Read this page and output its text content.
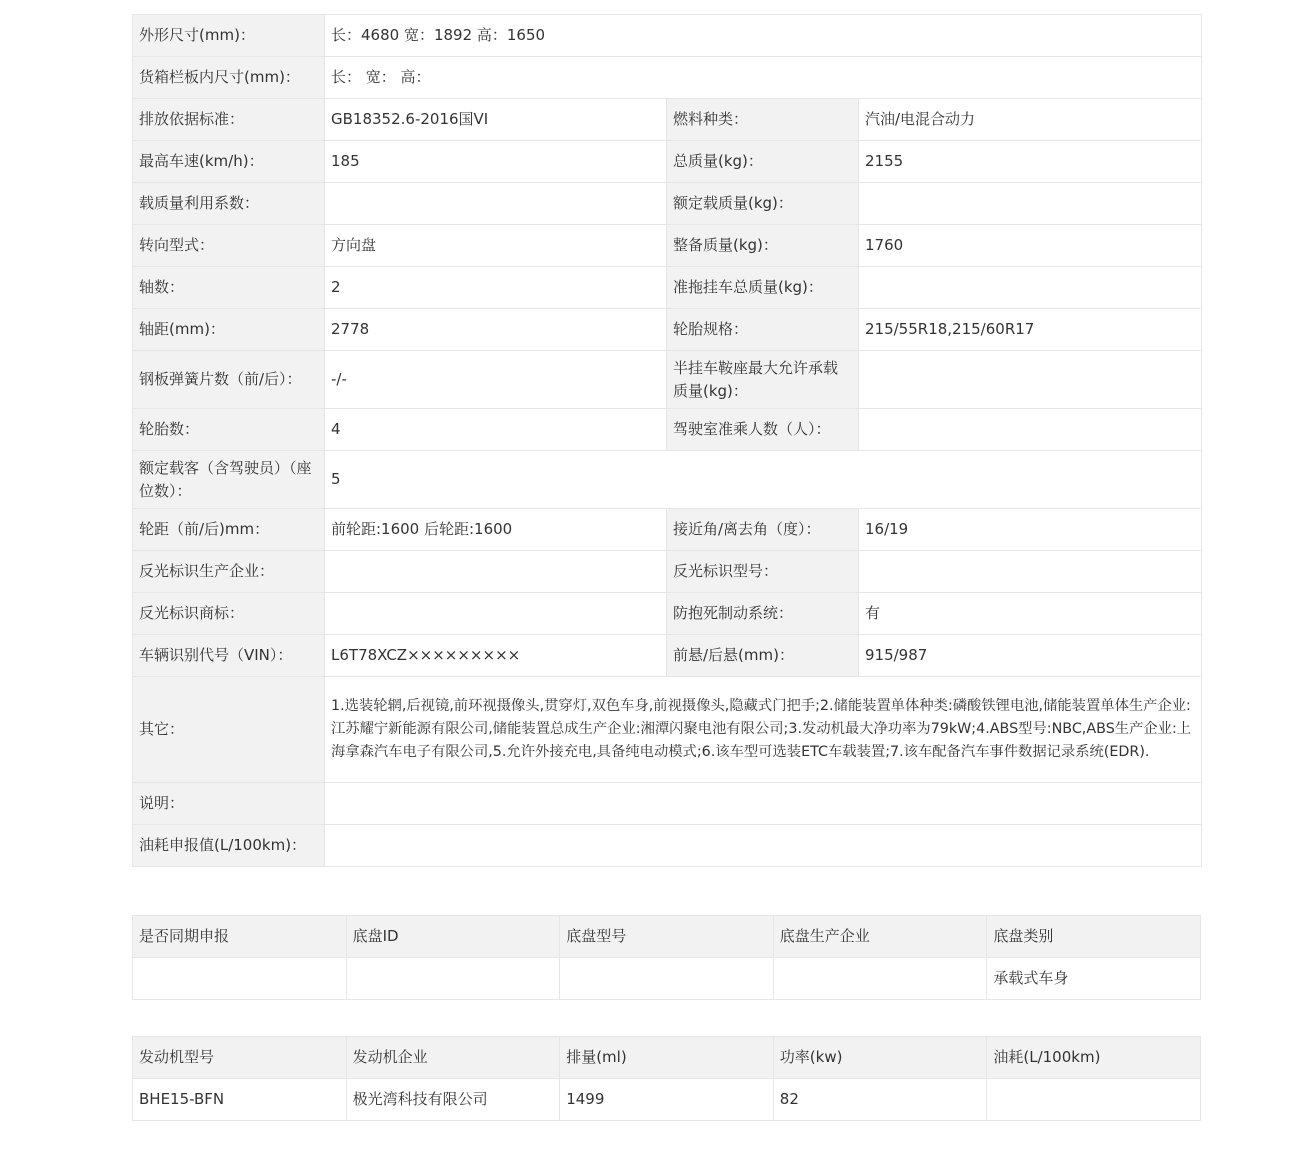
外形尺寸(mm)：	长：4680 宽：1892 高：1650		
货箱栏板内尺寸(mm)：	长： 宽： 高：		
排放依据标准：	GB18352.6-2016国VI	燃料种类：	汽油/电混合动力
最高车速(km/h)：	185	总质量(kg)：	2155
载质量利用系数：		额定载质量(kg)：	
转向型式：	方向盘	整备质量(kg)：	1760
轴数：	2	准拖挂车总质量(kg)：	
轴距(mm)：	2778	轮胎规格：	215/55R18,215/60R17
钢板弹簧片数（前/后）：	-/-	半挂车鞍座最大允许承载质量(kg)：	
轮胎数：	4	驾驶室准乘人数（人）：	
额定载客（含驾驶员）（座位数）：	5		
轮距（前/后)mm：	前轮距:1600 后轮距:1600	接近角/离去角（度）：	16/19
反光标识生产企业：		反光标识型号：	
反光标识商标：		防抱死制动系统：	有
车辆识别代号（VIN）：	L6T78XCZ×××××××××	前悬/后悬(mm)：	915/987
其它：	1.选装轮辋,后视镜,前环视摄像头,贯穿灯,双色车身,前视摄像头,隐藏式门把手;2.储能装置单体种类:磷酸铁锂电池,储能装置单体生产企业:江苏耀宁新能源有限公司,储能装置总成生产企业:湘潭闪聚电池有限公司;3.发动机最大净功率为79kW;4.ABS型号:NBC,ABS生产企业:上海拿森汽车电子有限公司,5.允许外接充电,具备纯电动模式;6.该车型可选装ETC车载装置;7.该车配备汽车事件数据记录系统(EDR).		
说明：			
油耗申报值(L/100km)：			
是否同期申报	底盘ID	底盘型号	底盘生产企业	底盘类别
				承载式车身
发动机型号	发动机企业	排量(ml)	功率(kw)	油耗(L/100km)
BHE15-BFN	极光湾科技有限公司	1499	82	
